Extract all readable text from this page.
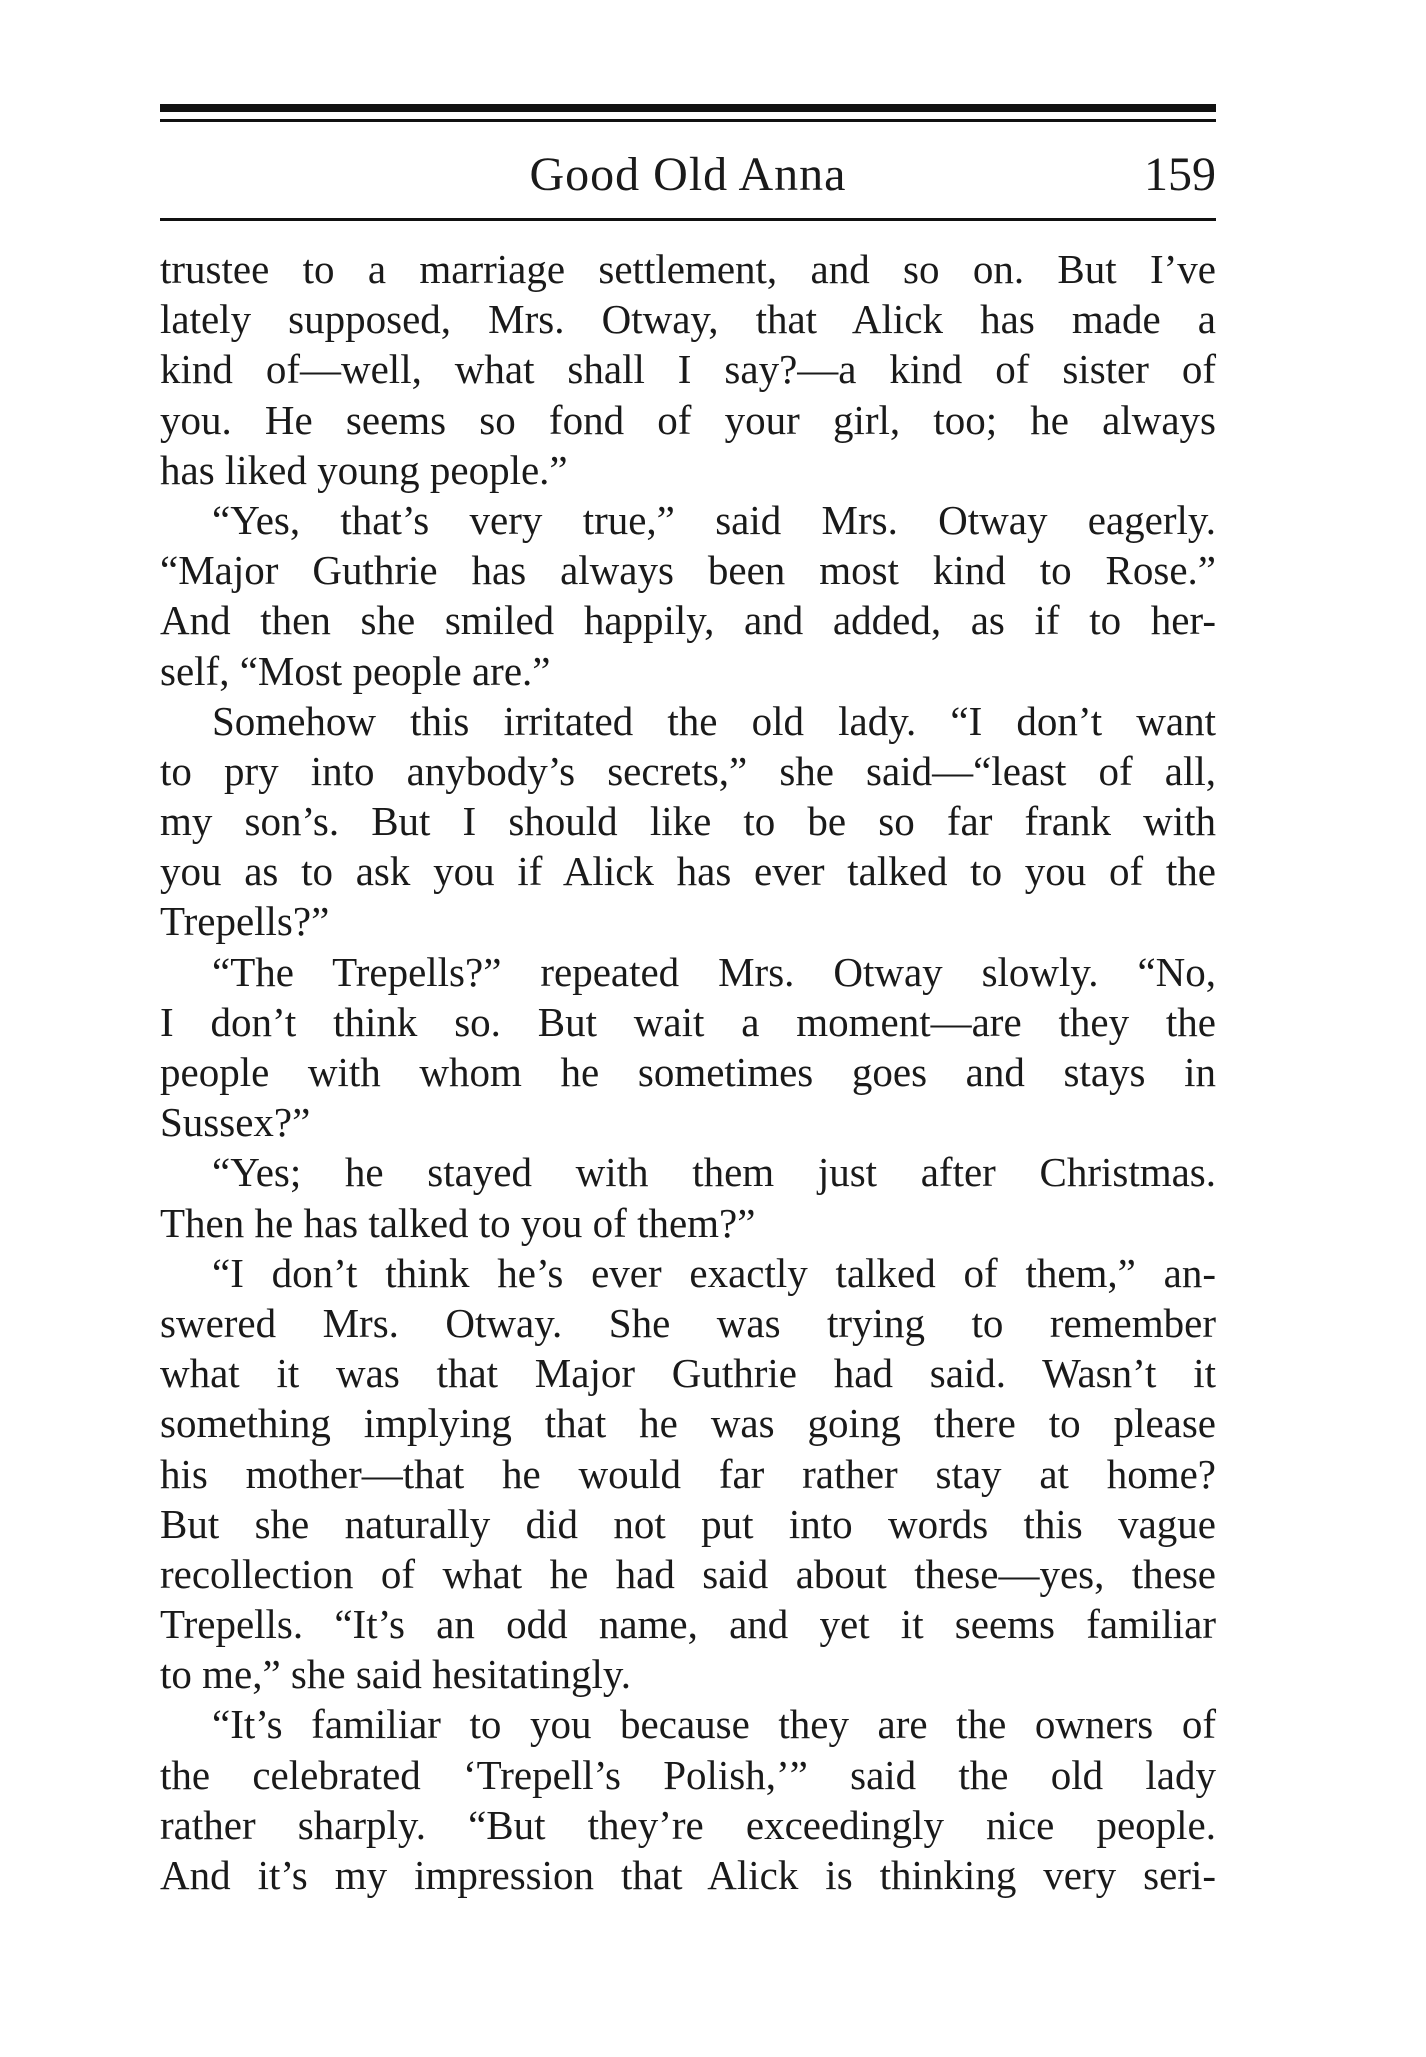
Good Old Anna	159
trustee to a marriage settlement, and so on. But I’ve
lately supposed, Mrs. Otway, that Alick has made a
kind of—well, what shall I say?—a kind of sister of
you. He seems so fond of your girl, too; he always
has liked young people.”
“Yes, that’s very true,” said Mrs. Otway eagerly.
“Major Guthrie has always been most kind to Rose.”
And then she smiled happily, and added, as if to her-
self, “Most people are.”
Somehow this irritated the old lady. “I don’t want
to pry into anybody’s secrets,” she said—“least of all,
my son’s. But I should like to be so far frank with
you as to ask you if Alick has ever talked to you of the
Trepells?”
“The Trepells?” repeated Mrs. Otway slowly. “No,
I don’t think so. But wait a moment—are they the
people with whom he sometimes goes and stays in
Sussex?”
“Yes; he stayed with them just after Christmas.
Then he has talked to you of them?”
“I don’t think he’s ever exactly talked of them,” an-
swered Mrs. Otway. She was trying to remember
what it was that Major Guthrie had said. Wasn’t it
something implying that he was going there to please
his mother—that he would far rather stay at home?
But she naturally did not put into words this vague
recollection of what he had said about these—yes, these
Trepells. “It’s an odd name, and yet it seems familiar
to me,” she said hesitatingly.
“It’s familiar to you because they are the owners of
the celebrated ‘Trepell’s Polish,’” said the old lady
rather sharply. “But they’re exceedingly nice people.
And it’s my impression that Alick is thinking very seri-
